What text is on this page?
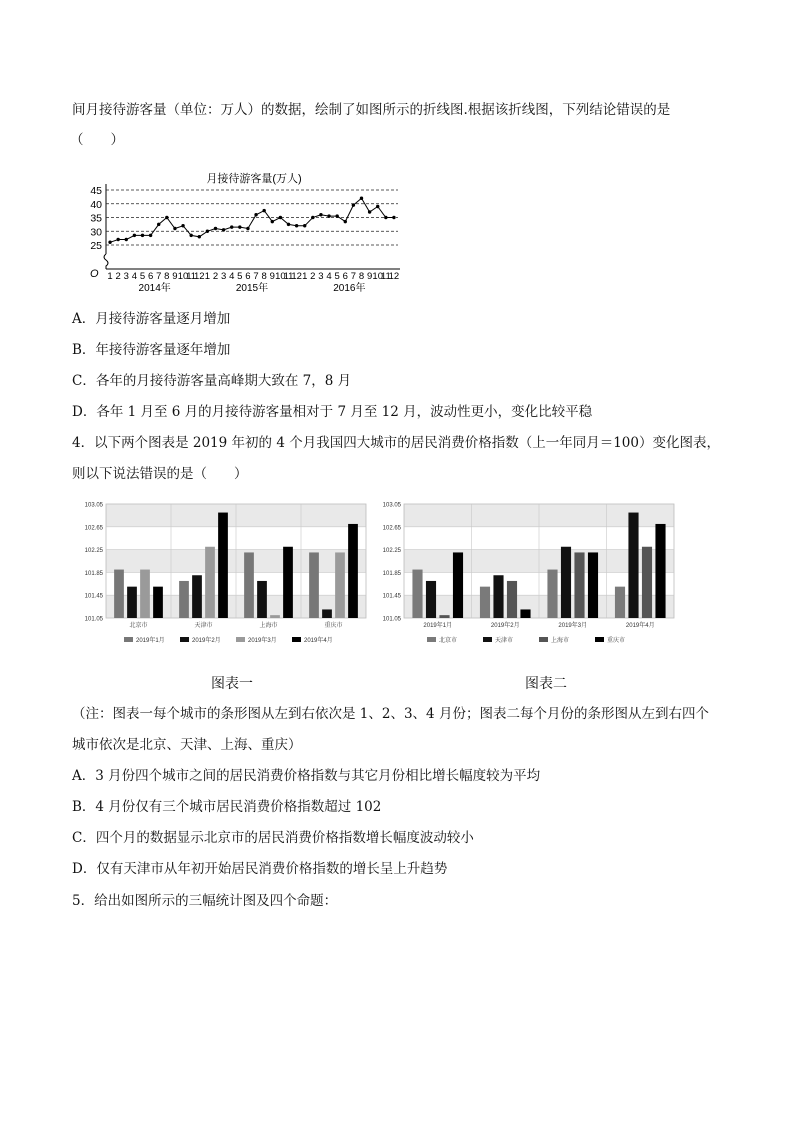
间月接待游客量（单位：万人）的数据，绘制了如图所示的折线图.根据该折线图，下列结论错误的是
（　　）
月接待游客量(万人)
45
40
35
30
25
1 2 3 4 5 6 7 8 9 10
11
12 1 2 3 4 5 6 7 8 9 10
11
12 1 2 3 4 5 6 7 8 9 10
11
12
2014年	2015年	2016年
O
A．月接待游客量逐月增加
B．年接待游客量逐年增加
C．各年的月接待游客量高峰期大致在 7，8 月
D．各年 1 月至 6 月的月接待游客量相对于 7 月至 12 月，波动性更小，变化比较平稳
4．以下两个图表是 2019 年初的 4 个月我国四大城市的居民消费价格指数（上一年同月＝100）变化图表，
则以下说法错误的是（　　）
103.05
102.65
102.25
101.85
101.45
101.05
北京市	天津市	上海市	重庆市
2019年1月	2019年2月	2019年3月	2019年4月
103.05
102.65
102.25
101.85
101.45
101.05
2019年1月	2019年2月	2019年3月	2019年4月
北京市	天津市	上海市	重庆市
图表一	图表二
（注：图表一每个城市的条形图从左到右依次是 1、2、3、4 月份；图表二每个月份的条形图从左到右四个
城市依次是北京、天津、上海、重庆）
A．3 月份四个城市之间的居民消费价格指数与其它月份相比增长幅度较为平均
B．4 月份仅有三个城市居民消费价格指数超过 102
C．四个月的数据显示北京市的居民消费价格指数增长幅度波动较小
D．仅有天津市从年初开始居民消费价格指数的增长呈上升趋势
5．给出如图所示的三幅统计图及四个命题：
